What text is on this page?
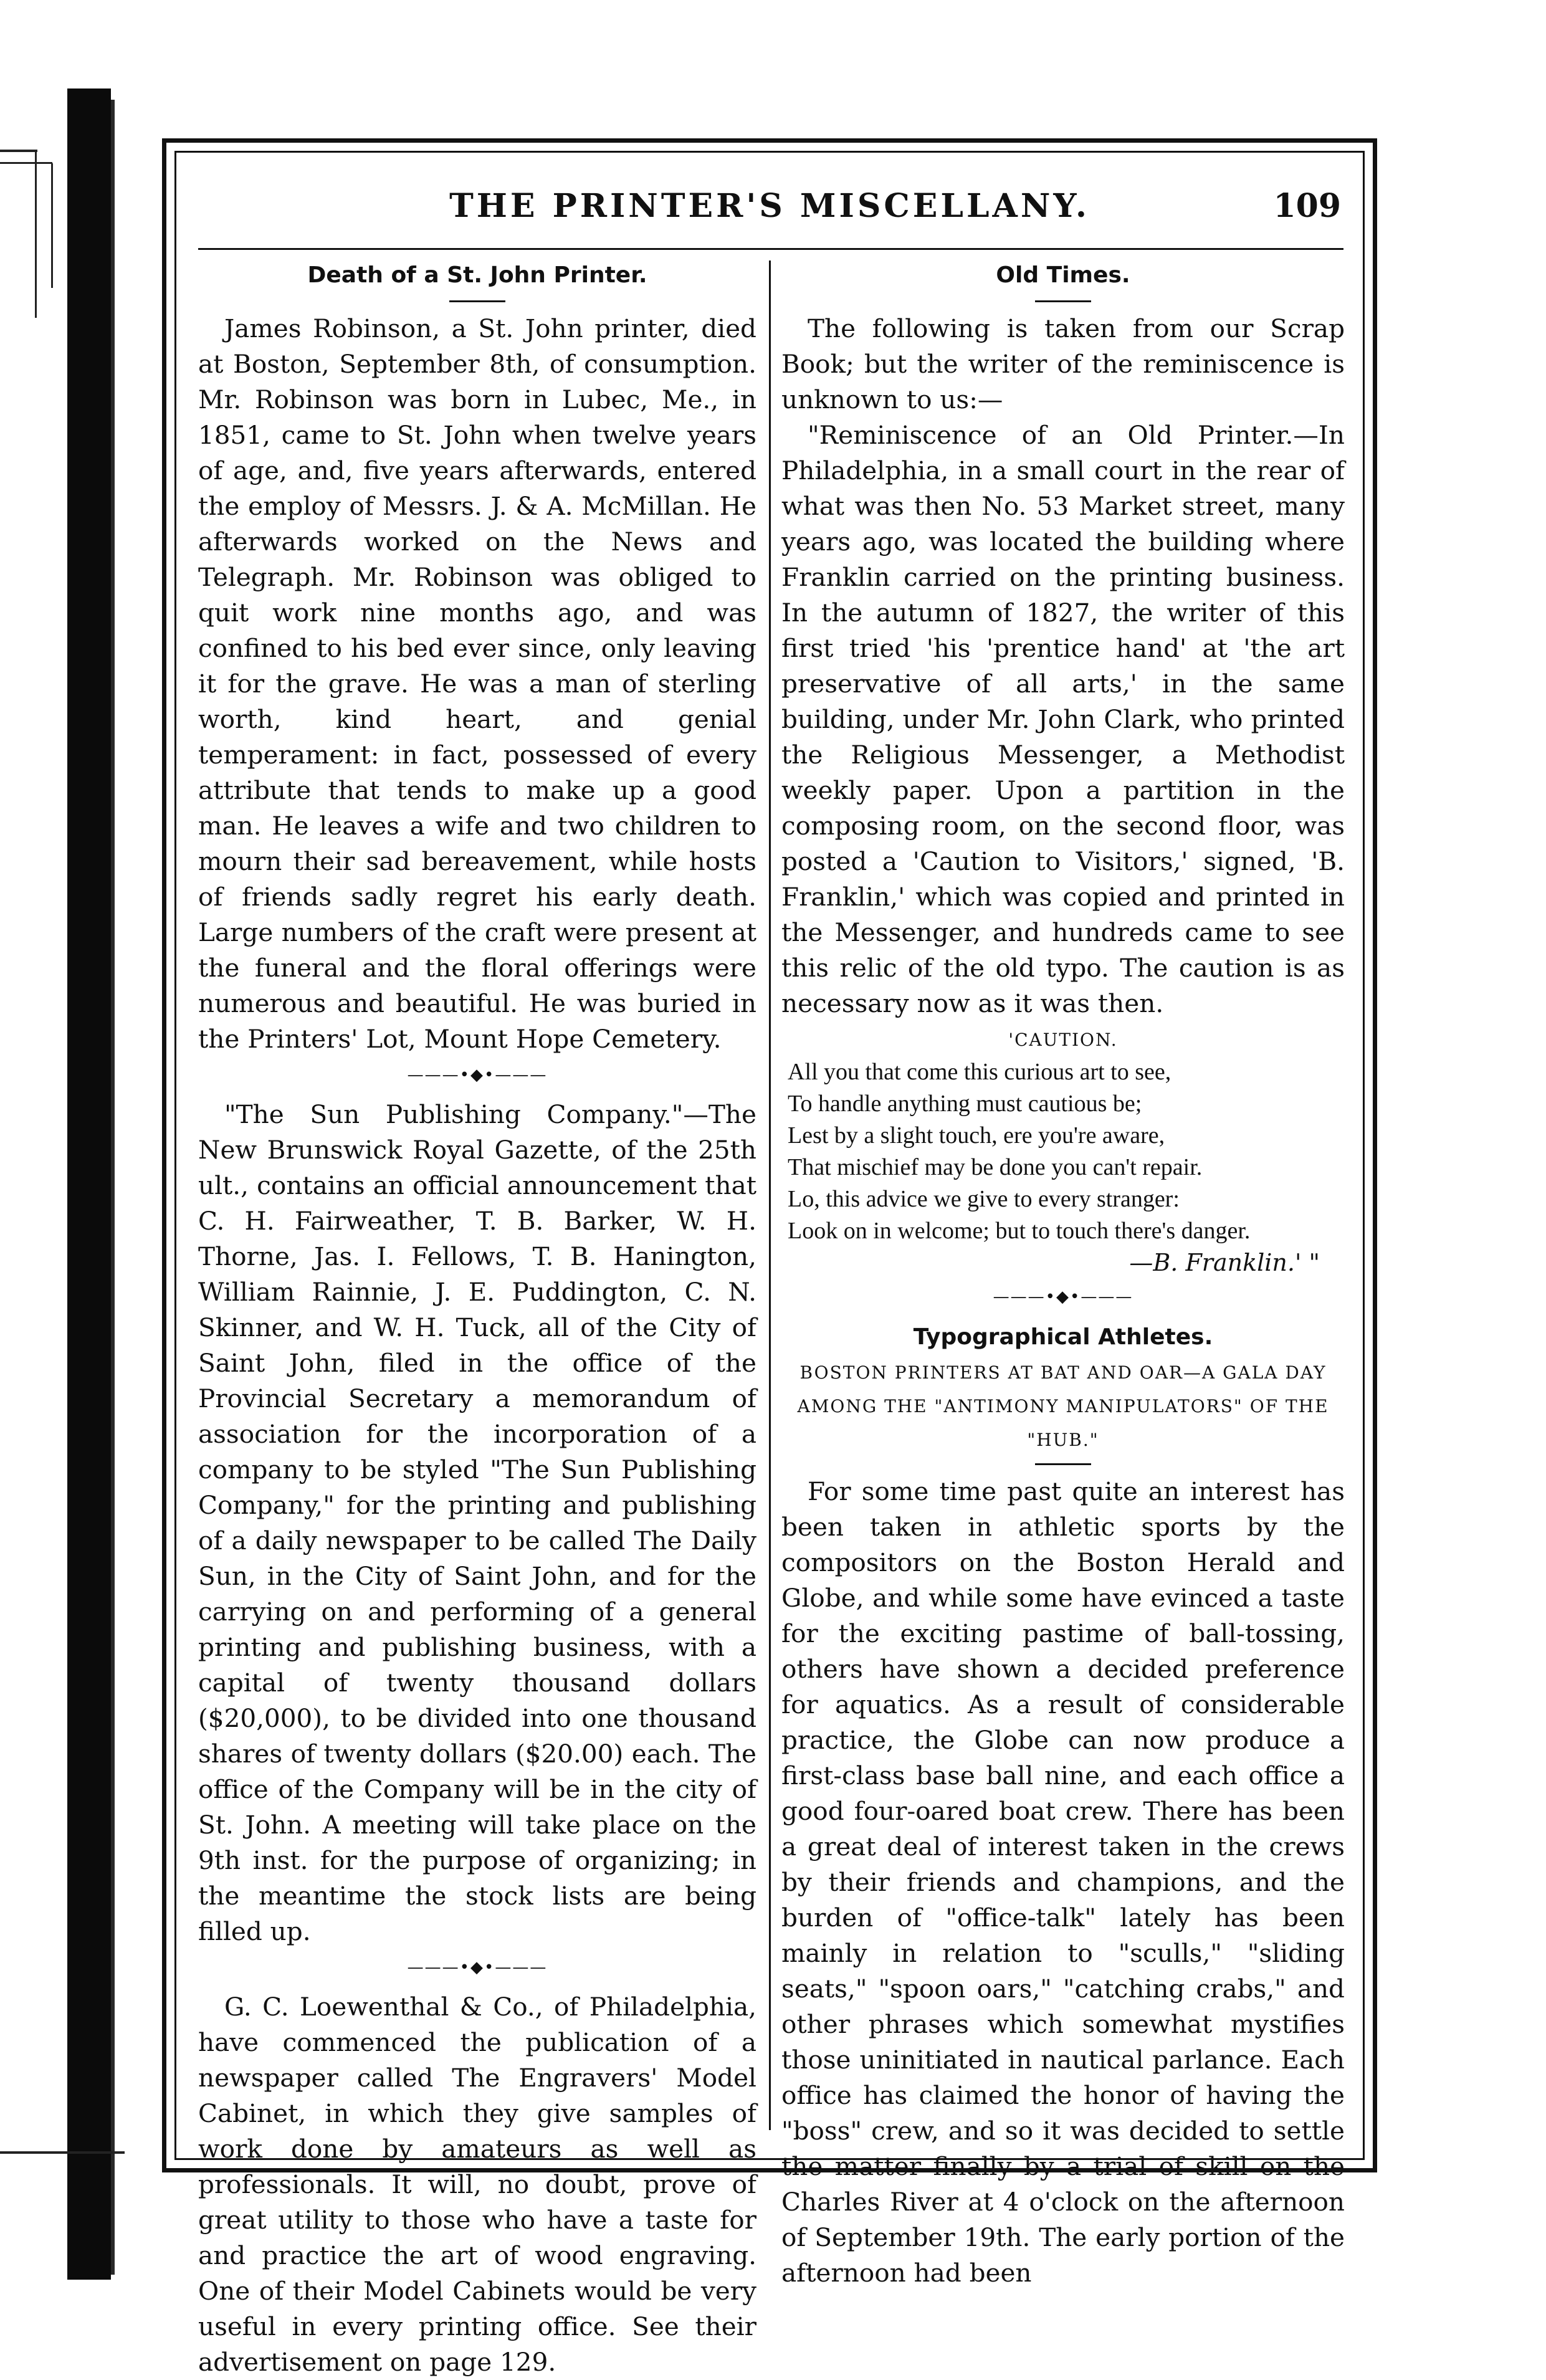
THE PRINTER'S MISCELLANY.	109
Death of a St. John Printer.

James Robinson, a St. John printer, died at Boston, September 8th, of consumption. Mr. Robinson was born in Lubec, Me., in 1851, came to St. John when twelve years of age, and, five years afterwards, entered the employ of Messrs. J. & A. McMillan. He afterwards worked on the News and Telegraph. Mr. Robinson was obliged to quit work nine months ago, and was confined to his bed ever since, only leaving it for the grave. He was a man of sterling worth, kind heart, and genial temperament: in fact, possessed of every attribute that tends to make up a good man. He leaves a wife and two children to mourn their sad bereavement, while hosts of friends sadly regret his early death. Large numbers of the craft were present at the funeral and the floral offerings were numerous and beautiful. He was buried in the Printers' Lot, Mount Hope Cemetery.

———•◆•———

"The Sun Publishing Company."—The New Brunswick Royal Gazette, of the 25th ult., contains an official announcement that C. H. Fairweather, T. B. Barker, W. H. Thorne, Jas. I. Fellows, T. B. Hanington, William Rainnie, J. E. Puddington, C. N. Skinner, and W. H. Tuck, all of the City of Saint John, filed in the office of the Provincial Secretary a memorandum of association for the incorporation of a company to be styled "The Sun Publishing Company," for the printing and publishing of a daily newspaper to be called The Daily Sun, in the City of Saint John, and for the carrying on and performing of a general printing and publishing business, with a capital of twenty thousand dollars ($20,000), to be divided into one thousand shares of twenty dollars ($20.00) each. The office of the Company will be in the city of St. John. A meeting will take place on the 9th inst. for the purpose of organizing; in the meantime the stock lists are being filled up.

———•◆•———

G. C. Loewenthal & Co., of Philadelphia, have commenced the publication of a newspaper called The Engravers' Model Cabinet, in which they give samples of work done by amateurs as well as professionals. It will, no doubt, prove of great utility to those who have a taste for and practice the art of wood engraving. One of their Model Cabinets would be very useful in every printing office. See their advertisement on page 129.

Old Times.

The following is taken from our Scrap Book; but the writer of the reminiscence is unknown to us:—

"Reminiscence of an Old Printer.—In Philadelphia, in a small court in the rear of what was then No. 53 Market street, many years ago, was located the building where Franklin carried on the printing business. In the autumn of 1827, the writer of this first tried 'his 'prentice hand' at 'the art preservative of all arts,' in the same building, under Mr. John Clark, who printed the Religious Messenger, a Methodist weekly paper. Upon a partition in the composing room, on the second floor, was posted a 'Caution to Visitors,' signed, 'B. Franklin,' which was copied and printed in the Messenger, and hundreds came to see this relic of the old typo. The caution is as necessary now as it was then.

'CAUTION.
All you that come this curious art to see,
To handle anything must cautious be;
Lest by a slight touch, ere you're aware,
That mischief may be done you can't repair.
Lo, this advice we give to every stranger:
Look on in welcome; but to touch there's danger.
—B. Franklin.' "
———•◆•———
Typographical Athletes.

BOSTON PRINTERS AT BAT AND OAR—A GALA DAY AMONG THE "ANTIMONY MANIPULATORS" OF THE "HUB."

For some time past quite an interest has been taken in athletic sports by the compositors on the Boston Herald and Globe, and while some have evinced a taste for the exciting pastime of ball-tossing, others have shown a decided preference for aquatics. As a result of considerable practice, the Globe can now produce a first-class base ball nine, and each office a good four-oared boat crew. There has been a great deal of interest taken in the crews by their friends and champions, and the burden of "office-talk" lately has been mainly in relation to "sculls," "sliding seats," "spoon oars," "catching crabs," and other phrases which somewhat mystifies those uninitiated in nautical parlance. Each office has claimed the honor of having the "boss" crew, and so it was decided to settle the matter finally by a trial of skill on the Charles River at 4 o'clock on the afternoon of September 19th. The early portion of the afternoon had been
